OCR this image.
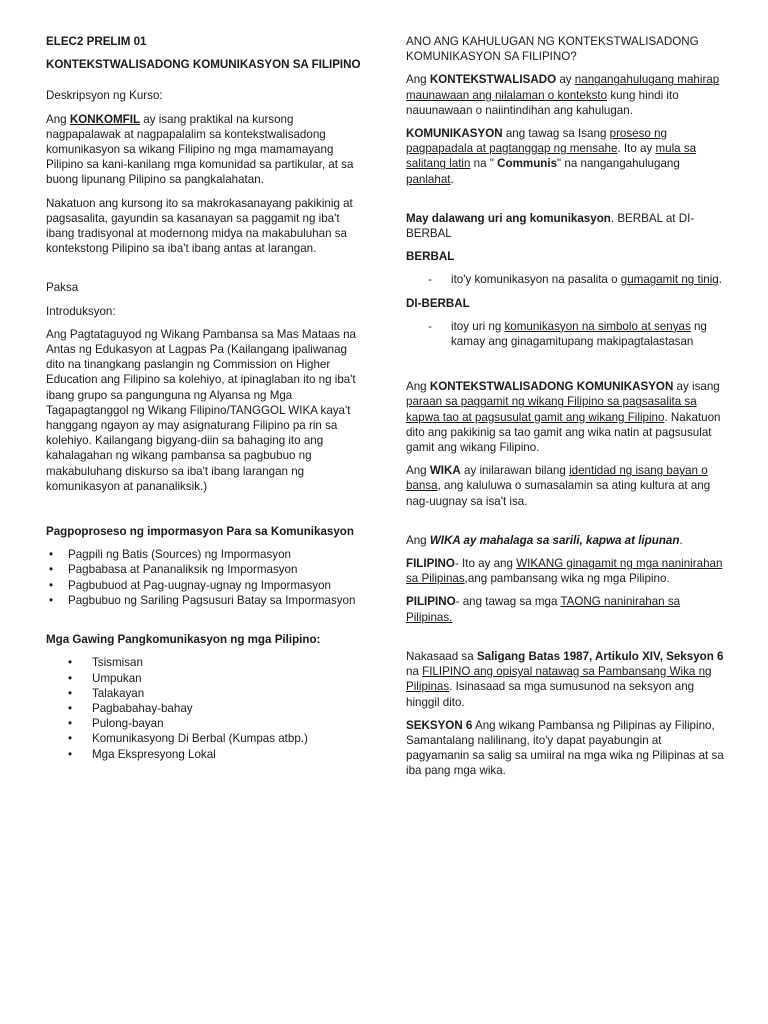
ELEC2 PRELIM 01

KONTEKSTWALISADONG KOMUNIKASYON SA FILIPINO

Deskripsyon ng Kurso:

Ang KONKOMFIL ay isang praktikal na kursong nagpapalawak at nagpapalalim sa kontekstwalisadong komunikasyon sa wikang Filipino ng mga mamamayang Pilipino sa kani-kanilang mga komunidad sa partikular, at sa buong lipunang Pilipino sa pangkalahatan.

Nakatuon ang kursong ito sa makrokasanayang pakikinig at pagsasalita, gayundin sa kasanayan sa paggamit ng iba't ibang tradisyonal at modernong midya na makabuluhan sa kontekstong Pilipino sa iba't ibang antas at larangan.

Paksa

Introduksyon:

Ang Pagtataguyod ng Wikang Pambansa sa Mas Mataas na Antas ng Edukasyon at Lagpas Pa (Kailangang ipaliwanag dito na tinangkang paslangin ng Commission on Higher Education ang Filipino sa kolehiyo, at ipinaglaban ito ng iba't ibang grupo sa pangunguna ng Alyansa ng Mga Tagapagtanggol ng Wikang Filipino/TANGGOL WIKA kaya't hanggang ngayon ay may asignaturang Filipino pa rin sa kolehiyo. Kailangang bigyang-diin sa bahaging ito ang kahalagahan ng wikang pambansa sa pagbubuo ng makabuluhang diskurso sa iba't ibang larangan ng komunikasyon at pananaliksik.)

Pagpoproseso ng impormasyon Para sa Komunikasyon

• Pagpili ng Batis (Sources) ng Impormasyon
• Pagbabasa at Pananaliksik ng Impormasyon
• Pagbubuod at Pag-uugnay-ugnay ng Impormasyon
• Pagbubuo ng Sariling Pagsusuri Batay sa Impormasyon

Mga Gawing Pangkomunikasyon ng mga Pilipino:

• Tsismisan
• Umpukan
• Talakayan
• Pagbabahay-bahay
• Pulong-bayan
• Komunikasyong Di Berbal (Kumpas atbp.)
• Mga Ekspresyong Lokal

ANO ANG KAHULUGAN NG KONTEKSTWALISADONG KOMUNIKASYON SA FILIPINO?

Ang KONTEKSTWALISADO ay nangangahulugang mahirap maunawaan ang nilalaman o konteksto kung hindi ito nauunawaan o naiintindihan ang kahulugan.

KOMUNIKASYON ang tawag sa Isang proseso ng pagpapadala at pagtanggap ng mensahe. Ito ay mula sa salitang latin na " Communis" na nangangahulugang panlahat.

May dalawang uri ang komunikasyon. BERBAL at DI-BERBAL

BERBAL

- ito'y komunikasyon na pasalita o gumagamit ng tinig.

DI-BERBAL

- itoy uri ng komunikasyon na simbolo at senyas ng kamay ang ginagamitupang makipagtalastasan

Ang KONTEKSTWALISADONG KOMUNIKASYON ay isang paraan sa paggamit ng wikang Filipino sa pagsasalita sa kapwa tao at pagsusulat gamit ang wikang Filipino. Nakatuon dito ang pakikinig sa tao gamit ang wika natin at pagsusulat gamit ang wikang Filipino.

Ang WIKA ay inilarawan bilang identidad ng isang bayan o bansa, ang kaluluwa o sumasalamin sa ating kultura at ang nag-uugnay sa isa't isa.

Ang WIKA ay mahalaga sa sarili, kapwa at lipunan.

FILIPINO- Ito ay ang WIKANG ginagamit ng mga naninirahan sa Pilipinas,ang pambansang wika ng mga Pilipino.

PILIPINO- ang tawag sa mga TAONG naninirahan sa Pilipinas.

Nakasaad sa Saligang Batas 1987, Artikulo XIV, Seksyon 6 na FILIPINO ang opisyal natawag sa Pambansang Wika ng Pilipinas. Isinasaad sa mga sumusunod na seksyon ang hinggil dito.

SEKSYON 6 Ang wikang Pambansa ng Pilipinas ay Filipino, Samantalang nalilinang, ito'y dapat payabungin at pagyamanin sa salig sa umiiral na mga wika ng Pilipinas at sa iba pang mga wika.
